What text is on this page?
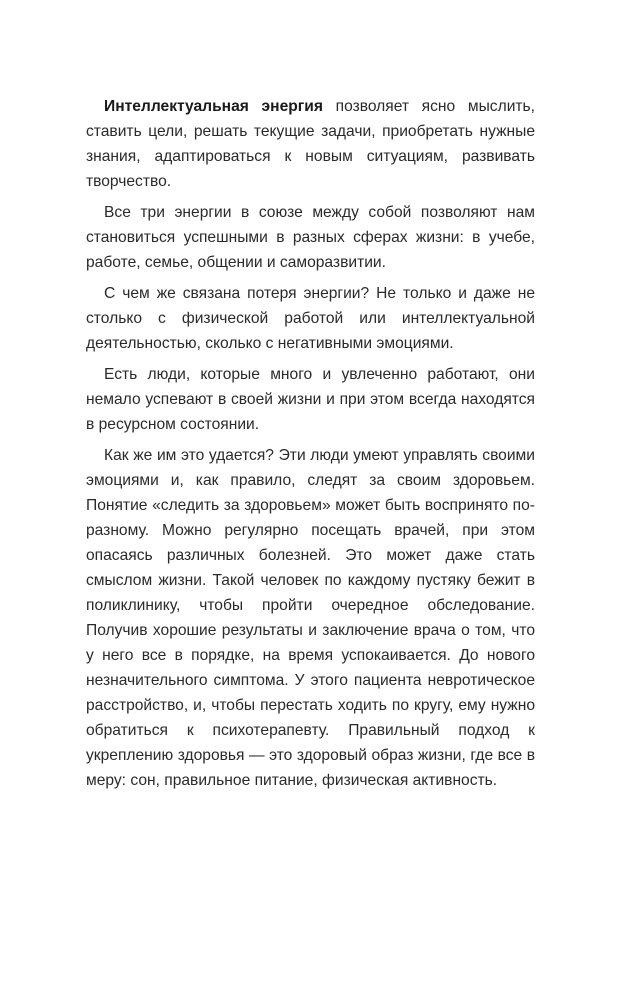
Интеллектуальная энергия позволяет ясно мыслить, ставить цели, решать текущие задачи, приобретать нужные знания, адаптироваться к новым ситуациям, развивать творчество.

Все три энергии в союзе между собой позволяют нам становиться успешными в разных сферах жизни: в учебе, работе, семье, общении и саморазвитии.

С чем же связана потеря энергии? Не только и даже не столько с физической работой или интеллектуальной деятельностью, сколько с негативными эмоциями.

Есть люди, которые много и увлеченно работают, они немало успевают в своей жизни и при этом всегда находятся в ресурсном состоянии.

Как же им это удается? Эти люди умеют управлять своими эмоциями и, как правило, следят за своим здоровьем. Понятие «следить за здоровьем» может быть воспринято по-разному. Можно регулярно посещать врачей, при этом опасаясь различных болезней. Это может даже стать смыслом жизни. Такой человек по каждому пустяку бежит в поликлинику, чтобы пройти очередное обследование. Получив хорошие результаты и заключение врача о том, что у него все в порядке, на время успокаивается. До нового незначительного симптома. У этого пациента невротическое расстройство, и, чтобы перестать ходить по кругу, ему нужно обратиться к психотерапевту. Правильный подход к укреплению здоровья — это здоровый образ жизни, где все в меру: сон, правильное питание, физическая активность.
